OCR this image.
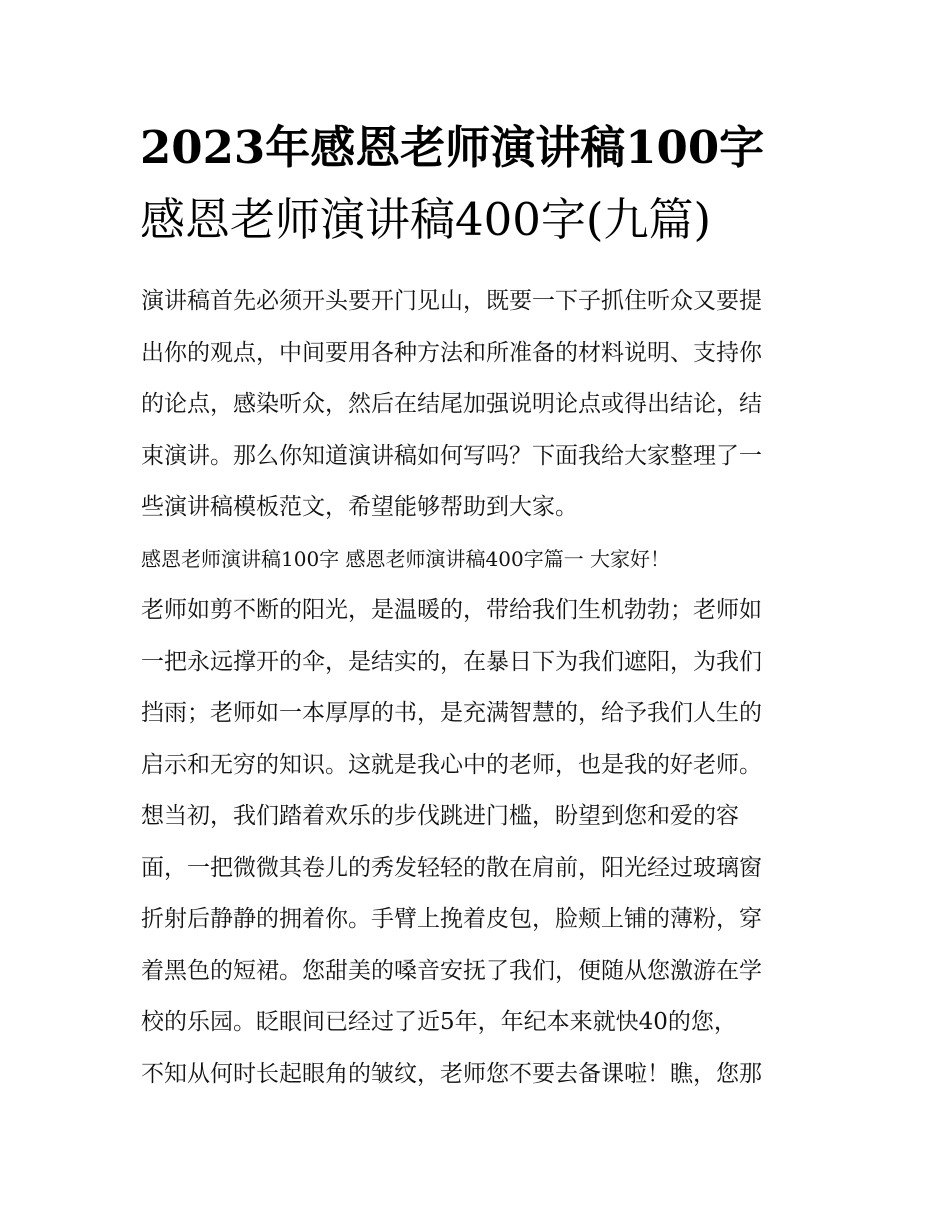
2023年感恩老师演讲稿100字
感恩老师演讲稿400字(九篇)
演讲稿首先必须开头要开门见山，既要一下子抓住听众又要提
出你的观点，中间要用各种方法和所准备的材料说明、支持你
的论点，感染听众，然后在结尾加强说明论点或得出结论，结
束演讲。那么你知道演讲稿如何写吗？下面我给大家整理了一
些演讲稿模板范文，希望能够帮助到大家。
感恩老师演讲稿100字 感恩老师演讲稿400字篇一 大家好！
老师如剪不断的阳光，是温暖的，带给我们生机勃勃；老师如
一把永远撑开的伞，是结实的，在暴日下为我们遮阳，为我们
挡雨；老师如一本厚厚的书，是充满智慧的，给予我们人生的
启示和无穷的知识。这就是我心中的老师，也是我的好老师。
想当初，我们踏着欢乐的步伐跳进门槛，盼望到您和爱的容
面，一把微微其卷儿的秀发轻轻的散在肩前，阳光经过玻璃窗
折射后静静的拥着你。手臂上挽着皮包，脸颊上铺的薄粉，穿
着黑色的短裙。您甜美的嗓音安抚了我们，便随从您激游在学
校的乐园。眨眼间已经过了近5年，年纪本来就快40的您，
不知从何时长起眼角的皱纹，老师您不要去备课啦！瞧，您那
